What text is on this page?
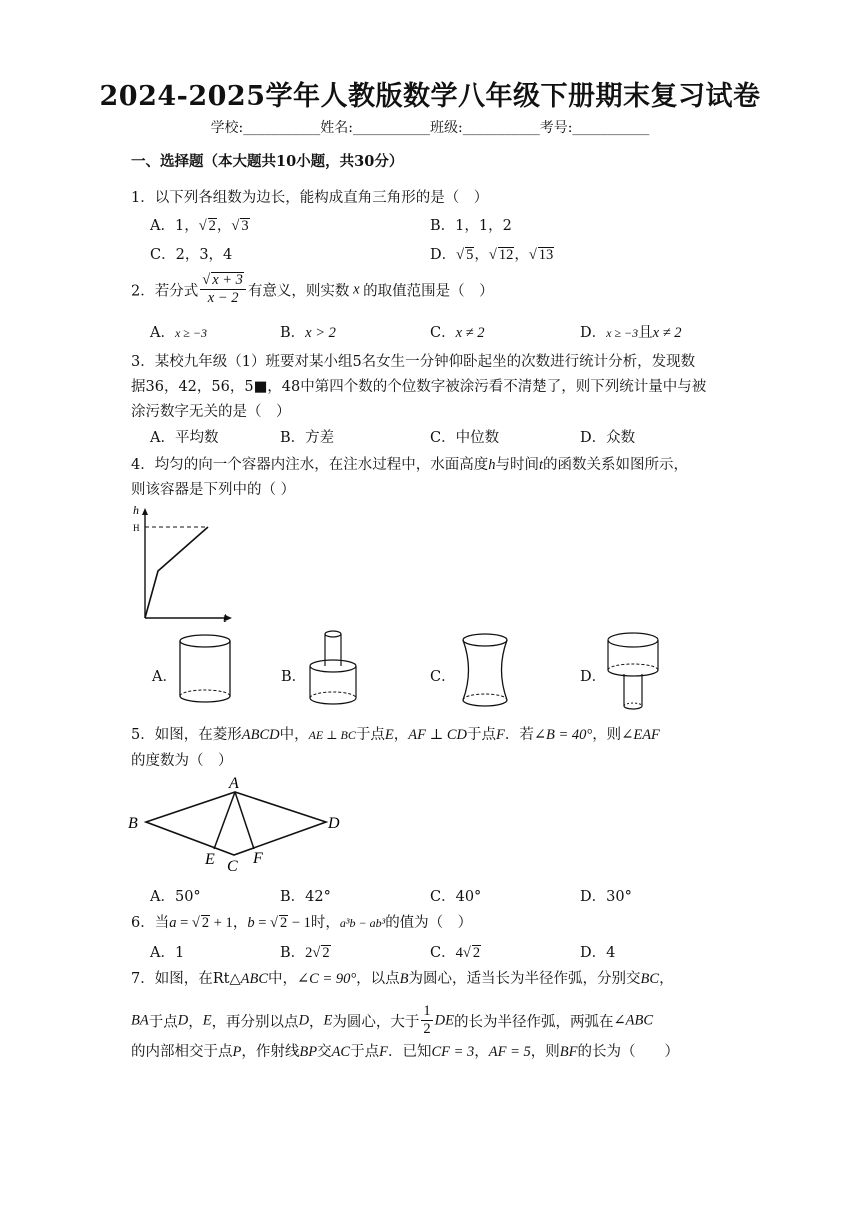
2024-2025学年人教版数学八年级下册期末复习试卷
学校:___________姓名:___________班级:___________考号:___________
一、选择题（本大题共10小题，共30分）
1．以下列各组数为边长，能构成直角三角形的是（　）
A．1，√ 2，√ 3	B．1，1，2
C．2，3，4	D．√ 5，√ 12，√ 13
2．若分式 $\frac{√ x + 3}{x - 2}$ 有意义，则实数 x 的取值范围是（　）
A．x ≥ −3	B．x > 2	C．x ≠ 2	D．x ≥ −3且x ≠ 2
3．某校九年级（1）班要对某小组5名女生一分钟仰卧起坐的次数进行统计分析，发现数
据36，42，56，5■，48中第四个数的个位数字被涂污看不清楚了，则下列统计量中与被
涂污数字无关的是（　）
A．平均数	B．方差	C．中位数	D．众数
4．均匀的向一个容器内注水，在注水过程中，水面高度h与时间t的函数关系如图所示，
则该容器是下列中的（ ）
h
H
t
A．	B．	C．	D．
5．如图，在菱形ABCD中，AE ⊥ BC于点E，AF ⊥ CD于点F．若∠B = 40°，则∠EAF
的度数为（　）
A
B
C
D
E F
A．50°	B．42°	C．40°	D．30°
6．当a = √ 2 + 1，b = √ 2 − 1时，a³b − ab³的值为（　）
A．1	B．2√ 2	C．4√ 2	D．4
7．如图，在Rt△ABC中，∠C = 90°，以点B为圆心，适当长为半径作弧，分别交BC，
BA于点D，E，再分别以点D，E为圆心，大于 $\frac{1}{2}$ DE的长为半径作弧，两弧在∠ABC
的内部相交于点P，作射线BP交AC于点F．已知CF = 3，AF = 5，则BF的长为（　　）
